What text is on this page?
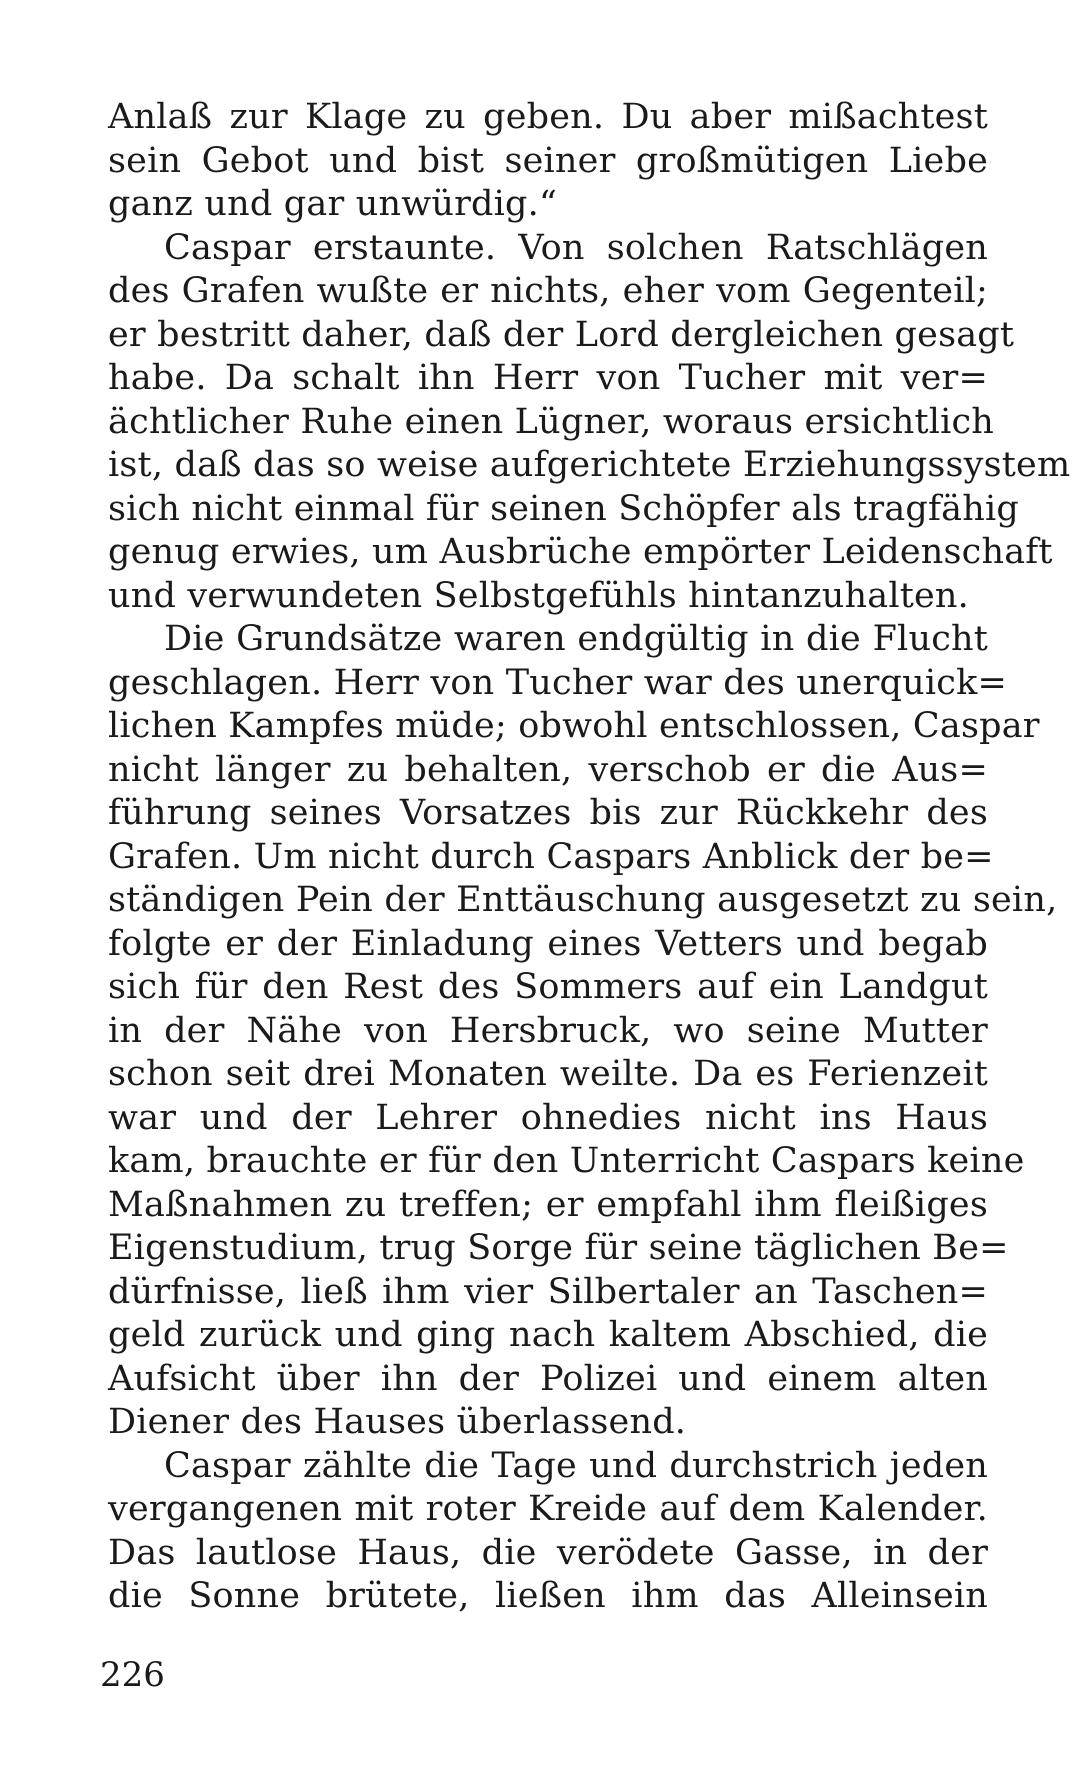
Anlaß zur Klage zu geben. Du aber mißachtest
sein Gebot und bist seiner großmütigen Liebe
ganz und gar unwürdig.“
Caspar erstaunte. Von solchen Ratschlägen
des Grafen wußte er nichts, eher vom Gegenteil;
er bestritt daher, daß der Lord dergleichen gesagt
habe. Da schalt ihn Herr von Tucher mit ver=
ächtlicher Ruhe einen Lügner, woraus ersichtlich
ist, daß das so weise aufgerichtete Erziehungssystem
sich nicht einmal für seinen Schöpfer als tragfähig
genug erwies, um Ausbrüche empörter Leidenschaft
und verwundeten Selbstgefühls hintanzuhalten.
Die Grundsätze waren endgültig in die Flucht
geschlagen. Herr von Tucher war des unerquick=
lichen Kampfes müde; obwohl entschlossen, Caspar
nicht länger zu behalten, verschob er die Aus=
führung seines Vorsatzes bis zur Rückkehr des
Grafen. Um nicht durch Caspars Anblick der be=
ständigen Pein der Enttäuschung ausgesetzt zu sein,
folgte er der Einladung eines Vetters und begab
sich für den Rest des Sommers auf ein Landgut
in der Nähe von Hersbruck, wo seine Mutter
schon seit drei Monaten weilte. Da es Ferienzeit
war und der Lehrer ohnedies nicht ins Haus
kam, brauchte er für den Unterricht Caspars keine
Maßnahmen zu treffen; er empfahl ihm fleißiges
Eigenstudium, trug Sorge für seine täglichen Be=
dürfnisse, ließ ihm vier Silbertaler an Taschen=
geld zurück und ging nach kaltem Abschied, die
Aufsicht über ihn der Polizei und einem alten
Diener des Hauses überlassend.
Caspar zählte die Tage und durchstrich jeden
vergangenen mit roter Kreide auf dem Kalender.
Das lautlose Haus, die verödete Gasse, in der
die Sonne brütete, ließen ihm das Alleinsein
226
